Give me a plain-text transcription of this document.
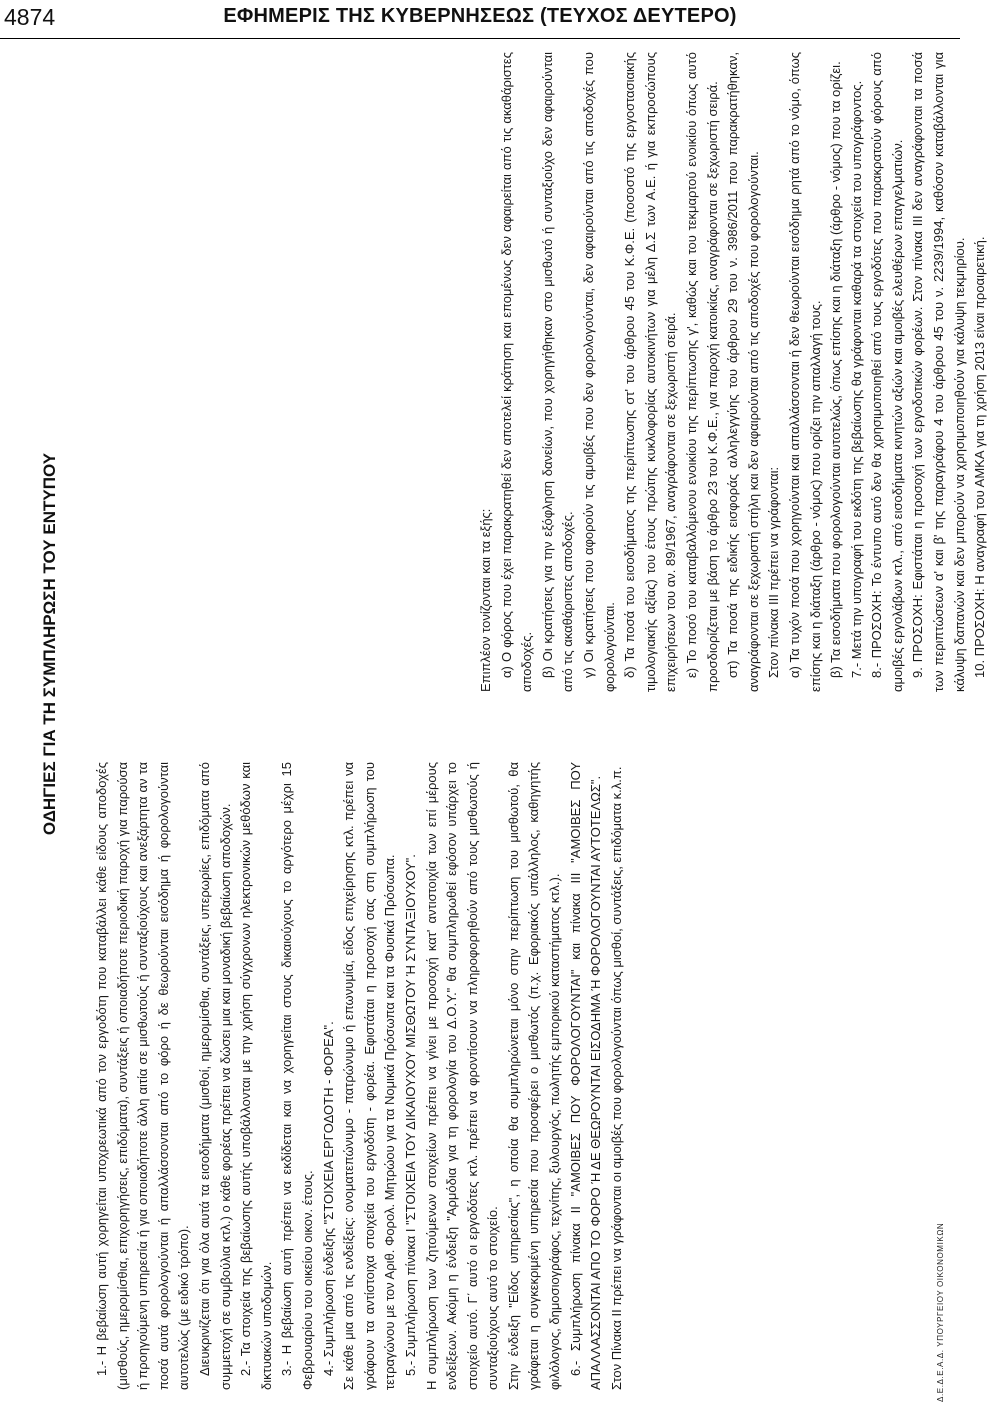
4874	ΕΦΗΜΕΡΙΣ ΤΗΣ ΚΥΒΕΡΝΗΣΕΩΣ (ΤΕΥΧΟΣ ΔΕΥΤΕΡΟ)
ΟΔΗΓΙΕΣ ΓΙΑ ΤΗ ΣΥΜΠΛΗΡΩΣΗ ΤΟΥ ΕΝΤΥΠΟΥ

1.- Η βεβαίωση αυτή χορηγείται υποχρεωτικά από τον εργοδότη που καταβάλλει κάθε είδους αποδοχές (μισθούς, ημερομίσθια, επιχορηγήσεις, επιδόματα), συντάξεις ή οποιαδήποτε περιοδική παροχή για παρούσα ή προηγούμενη υπηρεσία ή για οποιαδήποτε άλλη αιτία σε μισθωτούς ή συνταξιούχους και ανεξάρτητα αν τα ποσά αυτά φορολογούνται ή απαλλάσσονται από το φόρο ή δε θεωρούνται εισόδημα ή φορολογούνται αυτοτελώς (με ειδικό τρόπο). Διευκρινίζεται ότι για όλα αυτά τα εισοδήματα (μισθοί, ημερομίσθια, συντάξεις, υπερωρίες, επιδόματα από συμμετοχή σε συμβούλια κτλ.) ο κάθε φορέας πρέπει να δώσει μια και μοναδική βεβαίωση αποδοχών. 2.- Τα στοιχεία της βεβαίωσης αυτής υποβάλλονται με την χρήση σύγχρονων ηλεκτρονικών μεθόδων και δικτυακών υποδομών. 3.- Η βεβαίωση αυτή πρέπει να εκδίδεται και να χορηγείται στους δικαιούχους το αργότερο μέχρι 15 Φεβρουαρίου του οικείου οικον. έτους. 4.- Συμπλήρωση ένδειξης "ΣΤΟΙΧΕΙΑ ΕΡΓΟΔΟΤΗ - ΦΟΡΕΑ". Σε κάθε μια από τις ενδείξεις: ονοματεπώνυμο - πατρώνυμο ή επωνυμία, είδος επιχείρησης κτλ. πρέπει να γράφουν τα αντίστοιχα στοιχεία του εργοδότη - φορέα. Εφιστάται η προσοχή σας στη συμπλήρωση του τετραγώνου με τον Αριθ. Φορολ. Μητρώου για τα Νομικά Πρόσωπα και τα Φυσικά Πρόσωπα. 5.- Συμπλήρωση πίνακα Ι "ΣΤΟΙΧΕΙΑ ΤΟΥ ΔΙΚΑΙΟΥΧΟΥ ΜΙΣΘΩΤΟΥ Ή ΣΥΝΤΑΞΙΟΥΧΟΥ". Η συμπλήρωση των ζητούμενων στοιχείων πρέπει να γίνει με προσοχή κατ' αντιστοιχία των επί μέρους ενδείξεων. Ακόμη η ένδειξη "Αρμόδια για τη φορολογία του Δ.Ο.Υ." θα συμπληρωθεί εφόσον υπάρχει το στοιχείο αυτό. Γ΄ αυτό οι εργοδότες κτλ. πρέπει να φροντίσουν να πληροφορηθούν από τους μισθωτούς ή συνταξιούχους αυτό το στοιχείο. Στην ένδειξη "Είδος υπηρεσίας", η οποία θα συμπληρώνεται μόνο στην περίπτωση του μισθωτού, θα γράφεται η συγκεκριμένη υπηρεσία που προσφέρει ο μισθωτός (π.χ. Εφοριακός υπάλληλος, καθηγητής φιλόλογος, δημοσιογράφος, τεχνίτης, ξυλουργός, πωλητής εμπορικού καταστήματος κτλ.). 6.- Συμπλήρωση πίνακα ΙΙ "ΑΜΟΙΒΕΣ ΠΟΥ ΦΟΡΟΛΟΓΟΥΝΤΑΙ" και πίνακα ΙΙΙ "ΑΜΟΙΒΕΣ ΠΟΥ ΑΠΑΛΛΑΣΣΟΝΤΑΙ ΑΠΟ ΤΟ ΦΟΡΟ Ή ΔΕ ΘΕΩΡΟΥΝΤΑΙ ΕΙΣΟΔΗΜΑ Ή ΦΟΡΟΛΟΓΟΥΝΤΑΙ ΑΥΤΟΤΕΛΩΣ". Στον Πίνακα ΙΙ πρέπει να γράφονται οι αμοιβές που φορολογούνται όπως μισθοί, συντάξεις, επιδόματα κ.λ.π.

Επιπλέον τονίζονται και τα εξής: α) Ο φόρος που έχει παρακρατηθεί δεν αποτελεί κράτηση και επομένως δεν αφαιρείται από τις ακαθάριστες αποδοχές. β) Οι κρατήσεις για την εξόφληση δανείων, που χορηγήθηκαν στο μισθωτό ή συνταξιούχο δεν αφαιρούνται από τις ακαθάριστες αποδοχές. γ) Οι κρατήσεις που αφορούν τις αμοιβές που δεν φορολογούνται, δεν αφαιρούνται από τις αποδοχές που φορολογούνται. δ) Τα ποσά του εισοδήματος της περίπτωσης στ' του άρθρου 45 του Κ.Φ.Ε. (ποσοστό της εργοστασιακής τιμολογιακής αξίας) του έτους πρώτης κυκλοφορίας αυτοκινήτων για μέλη Δ.Σ των Α.Ε. ή για εκπροσώπους επιχειρήσεων του αν. 89/1967, αναγράφονται σε ξεχωριστή σειρά. ε) Το ποσό του καταβαλλόμενου ενοικίου της περίπτωσης γ', καθώς και του τεκμαρτού ενοικίου όπως αυτό προσδιορίζεται με βάση το άρθρο 23 του Κ.Φ.Ε., για παροχή κατοικίας, αναγράφονται σε ξεχωριστή σειρά. στ) Τα ποσά της ειδικής εισφοράς αλληλεγγύης του άρθρου 29 του ν. 3986/2011 που παρακρατήθηκαν, αναγράφονται σε ξεχωριστή στήλη και δεν αφαιρούνται από τις αποδοχές που φορολογούνται. Στον πίνακα ΙΙΙ πρέπει να γράφονται: α) Τα τυχόν ποσά που χορηγούνται και απαλλάσσονται ή δεν θεωρούνται εισόδημα ρητά από το νόμο, όπως επίσης και η διάταξη (άρθρο - νόμος) που ορίζει την απαλλαγή τους. β) Τα εισοδήματα που φορολογούνται αυτοτελώς, όπως επίσης και η διάταξη (άρθρο - νόμος) που τα ορίζει. 7.- Μετά την υπογραφή του εκδότη της βεβαίωσης θα γράφονται καθαρά τα στοιχεία του υπογράφοντος. 8.- ΠΡΟΣΟΧΗ: Το έντυπο αυτό δεν θα χρησιμοποιηθεί από τους εργοδότες που παρακρατούν φόρους από αμοιβές εργολάβων κτλ., από εισοδήματα κινητών αξιών και αμοιβές ελευθέρων επαγγελματιών. 9. ΠΡΟΣΟΧΗ: Εφιστάται η προσοχή των εργοδοτικών φορέων. Στον πίνακα ΙΙΙ δεν αναγράφονται τα ποσά των περιπτώσεων α' και β' της παραγράφου 4 του άρθρου 45 του ν. 2239/1994, καθόσον καταβάλλονται για κάλυψη δαπανών και δεν μπορούν να χρησιμοποιηθούν για κάλυψη τεκμηρίου. 10. ΠΡΟΣΟΧΗ: Η αναγραφή του ΑΜΚΑ για τη χρήση 2013 είναι προαιρετική.

Δ.Ε.Δ.Ε.Α.Δ. ΥΠΟΥΡΓΕΙΟΥ ΟΙΚΟΝΟΜΙΚΩΝ
